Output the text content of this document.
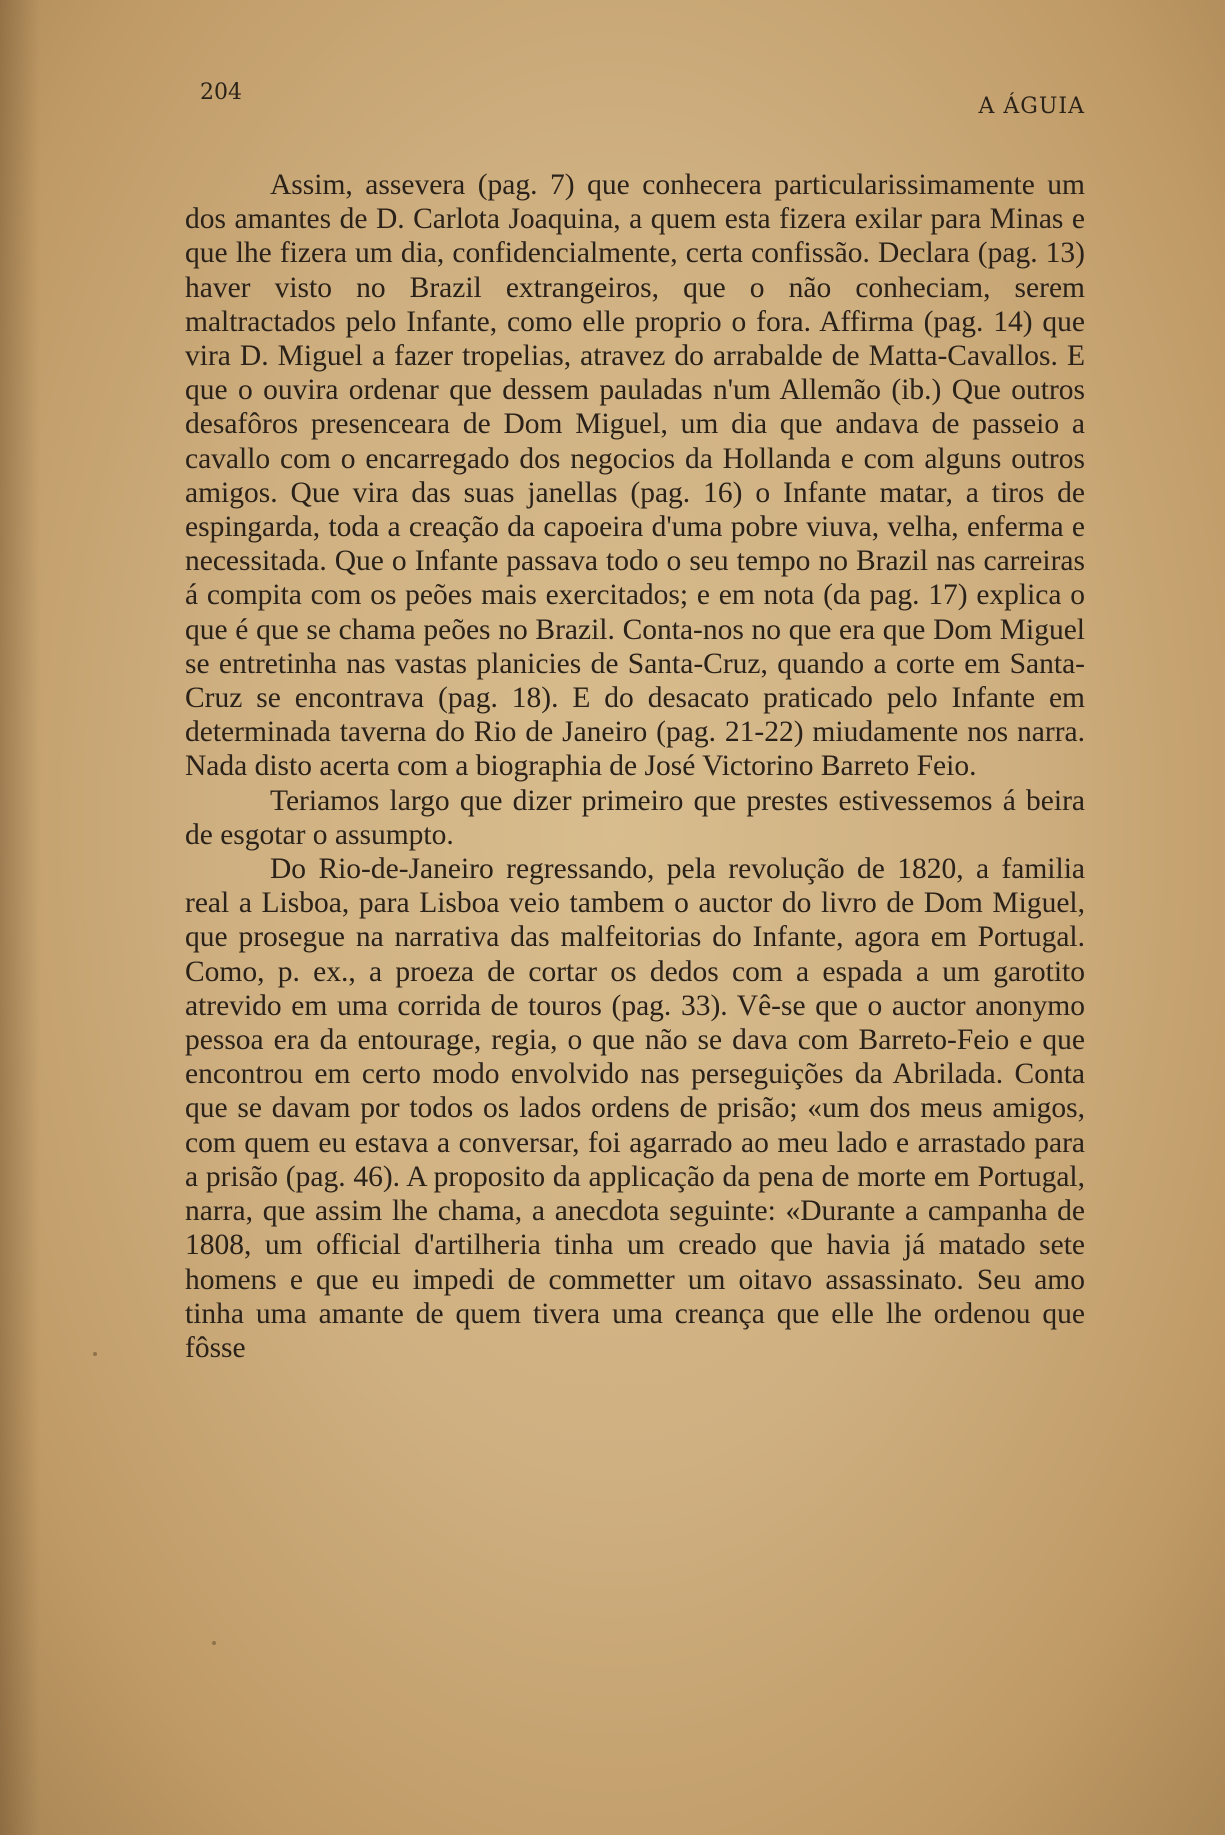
204
A ÁGUIA

Assim, assevera (pag. 7) que conhecera particularissimamente um dos amantes de D. Carlota Joaquina, a quem esta fizera exilar para Minas e que lhe fizera um dia, confidencialmente, certa confissão. Declara (pag. 13) haver visto no Brazil extrangeiros, que o não conheciam, serem maltractados pelo Infante, como elle proprio o fora. Affirma (pag. 14) que vira D. Miguel a fazer tropelias, atravez do arrabalde de Matta-Cavallos. E que o ouvira ordenar que dessem pauladas n'um Allemão (ib.) Que outros desafôros presenceara de Dom Miguel, um dia que andava de passeio a cavallo com o encarregado dos negocios da Hollanda e com alguns outros amigos. Que vira das suas janellas (pag. 16) o Infante matar, a tiros de espingarda, toda a creação da capoeira d'uma pobre viuva, velha, enferma e necessitada. Que o Infante passava todo o seu tempo no Brazil nas carreiras á compita com os peões mais exercitados; e em nota (da pag. 17) explica o que é que se chama peões no Brazil. Conta-nos no que era que Dom Miguel se entretinha nas vastas planicies de Santa-Cruz, quando a corte em Santa-Cruz se encontrava (pag. 18). E do desacato praticado pelo Infante em determinada taverna do Rio de Janeiro (pag. 21-22) miudamente nos narra. Nada disto acerta com a biographia de José Victorino Barreto Feio.

Teriamos largo que dizer primeiro que prestes estivessemos á beira de esgotar o assumpto.

Do Rio-de-Janeiro regressando, pela revolução de 1820, a familia real a Lisboa, para Lisboa veio tambem o auctor do livro de Dom Miguel, que prosegue na narrativa das malfeitorias do Infante, agora em Portugal. Como, p. ex., a proeza de cortar os dedos com a espada a um garotito atrevido em uma corrida de touros (pag. 33). Vê-se que o auctor anonymo pessoa era da entourage, regia, o que não se dava com Barreto-Feio e que encontrou em certo modo envolvido nas perseguições da Abrilada. Conta que se davam por todos os lados ordens de prisão; «um dos meus amigos, com quem eu estava a conversar, foi agarrado ao meu lado e arrastado para a prisão (pag. 46). A proposito da applicação da pena de morte em Portugal, narra, que assim lhe chama, a anecdota seguinte: «Durante a campanha de 1808, um official d'artilheria tinha um creado que havia já matado sete homens e que eu impedi de commetter um oitavo assassinato. Seu amo tinha uma amante de quem tivera uma creança que elle lhe ordenou que fôsse
